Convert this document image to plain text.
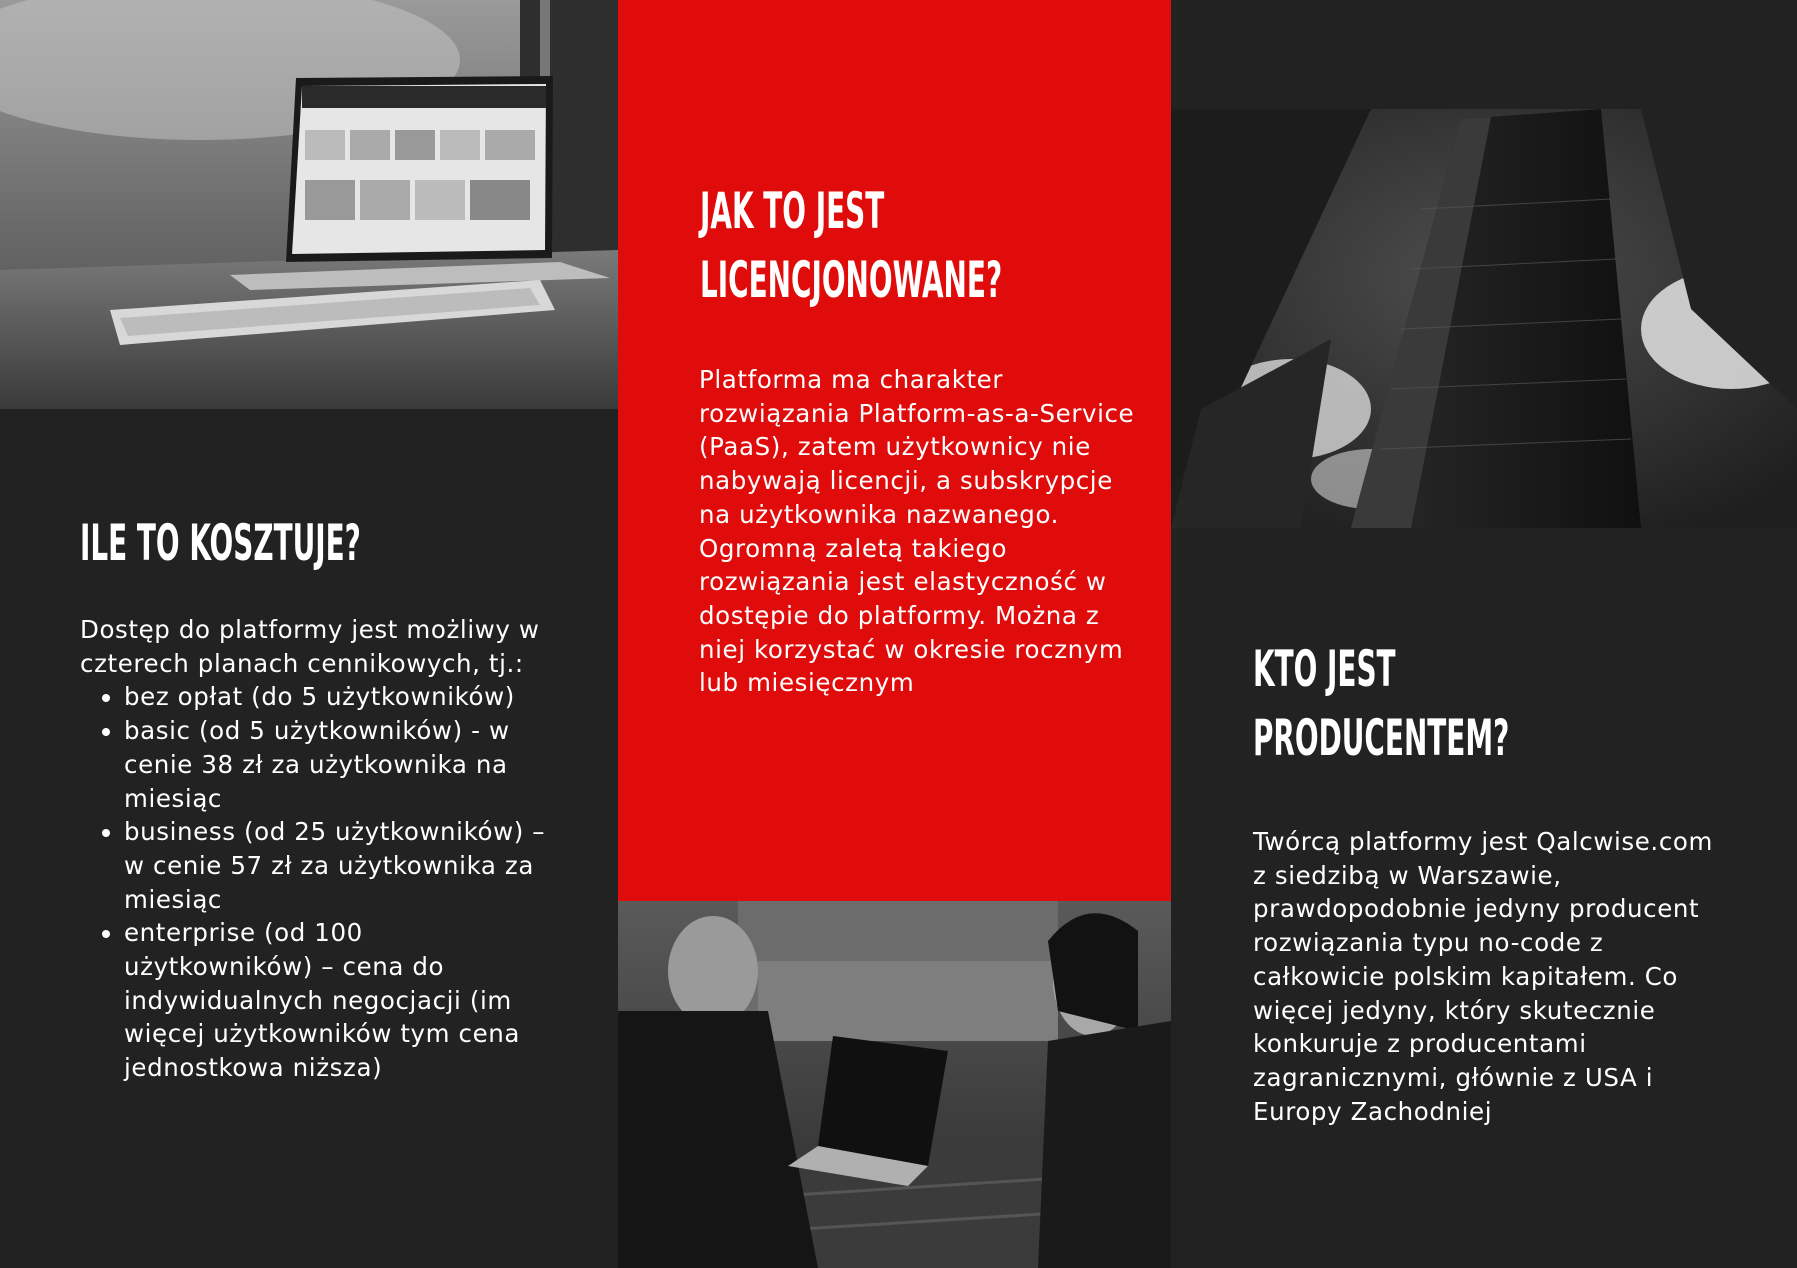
ILE TO KOSZTUJE?
Dostęp do platformy jest możliwy w czterech planach cennikowych, tj.:
• bez opłat (do 5 użytkowników)
• basic (od 5 użytkowników) - w cenie 38 zł za użytkownika na miesiąc
• business (od 25 użytkowników) – w cenie 57 zł za użytkownika za miesiąc
• enterprise (od 100 użytkowników) – cena do indywidualnych negocjacji (im więcej użytkowników tym cena jednostkowa niższa)
JAK TO JEST
LICENCJONOWANE?

Platforma ma charakter rozwiązania Platform-as-a-Service (PaaS), zatem użytkownicy nie nabywają licencji, a subskrypcje na użytkownika nazwanego. Ogromną zaletą takiego rozwiązania jest elastyczność w dostępie do platformy. Można z niej korzystać w okresie rocznym lub miesięcznym	KTO JEST
PRODUCENTEM?

Twórcą platformy jest Qalcwise.com z siedzibą w Warszawie, prawdopodobnie jedyny producent rozwiązania typu no-code z całkowicie polskim kapitałem. Co więcej jedyny, który skutecznie konkuruje z producentami zagranicznymi, głównie z USA i Europy Zachodniej
